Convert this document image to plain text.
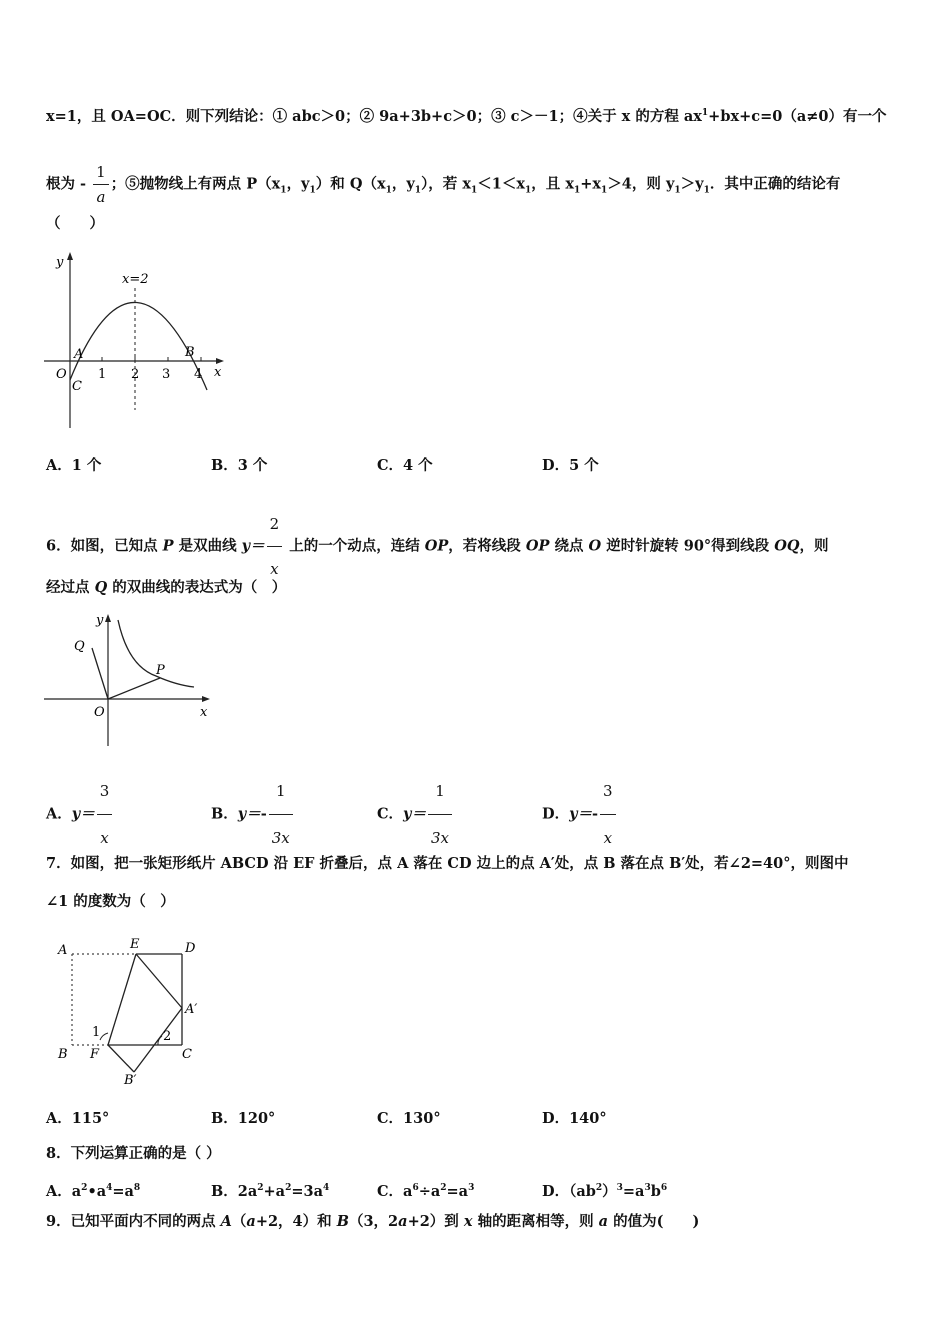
x=1，且 OA=OC．则下列结论：① abc＞0；② 9a+3b+c＞0；③ c＞－1；④关于 x 的方程 $ax^1+bx+c=0(a\ne 0)$有一个
根为 - $\frac{1}{a}$ ；⑤抛物线上有两点 $P(x_1$，$y_1$）和 $Q(x_1$，$y_1$），若 $x_1<1<x_1$，且 $x_1+x_1>4$，则 $y_1>y_1$．其中正确的结论有
（　　）
y
x
x=2
O
A	B
C
1 2 3 4
A．1 个	B．3 个	C．4 个	D．5 个
6．如图，已知点 P 是双曲线 $y= \frac{2}{x}$ 上的一个动点，连结 OP，若将线段 OP 绕点 O 逆时针旋转 90°得到线段 OQ，则
经过点 Q 的双曲线的表达式为（　）
y
x
O
P
Q
A．$y= \frac{3}{x}$	B．$y=- \frac{1}{3x}$	C．$y= \frac{1}{3x}$	D．$y=- \frac{3}{x}$
7．如图，把一张矩形纸片 ABCD 沿 EF 折叠后，点 A 落在 CD 边上的点 A′处，点 B 落在点 B′处，若∠2=40°，则图中
∠1 的度数为（　）
A	E	D
A′
B F	C
B′
1	2
A．115°	B．120°	C．130°	D．140°
8．下列运算正确的是（ ）
A．$a^2•a^4=a^8$	B．$2a^2+a^2=3a^4$	C．$a^6\div a^2=a^3$	D．$(ab^2)^3=a^3b^6$
9．已知平面内不同的两点 A（a+2，4）和 B（3，2a+2）到 x 轴的距离相等，则 a 的值为(　　)
